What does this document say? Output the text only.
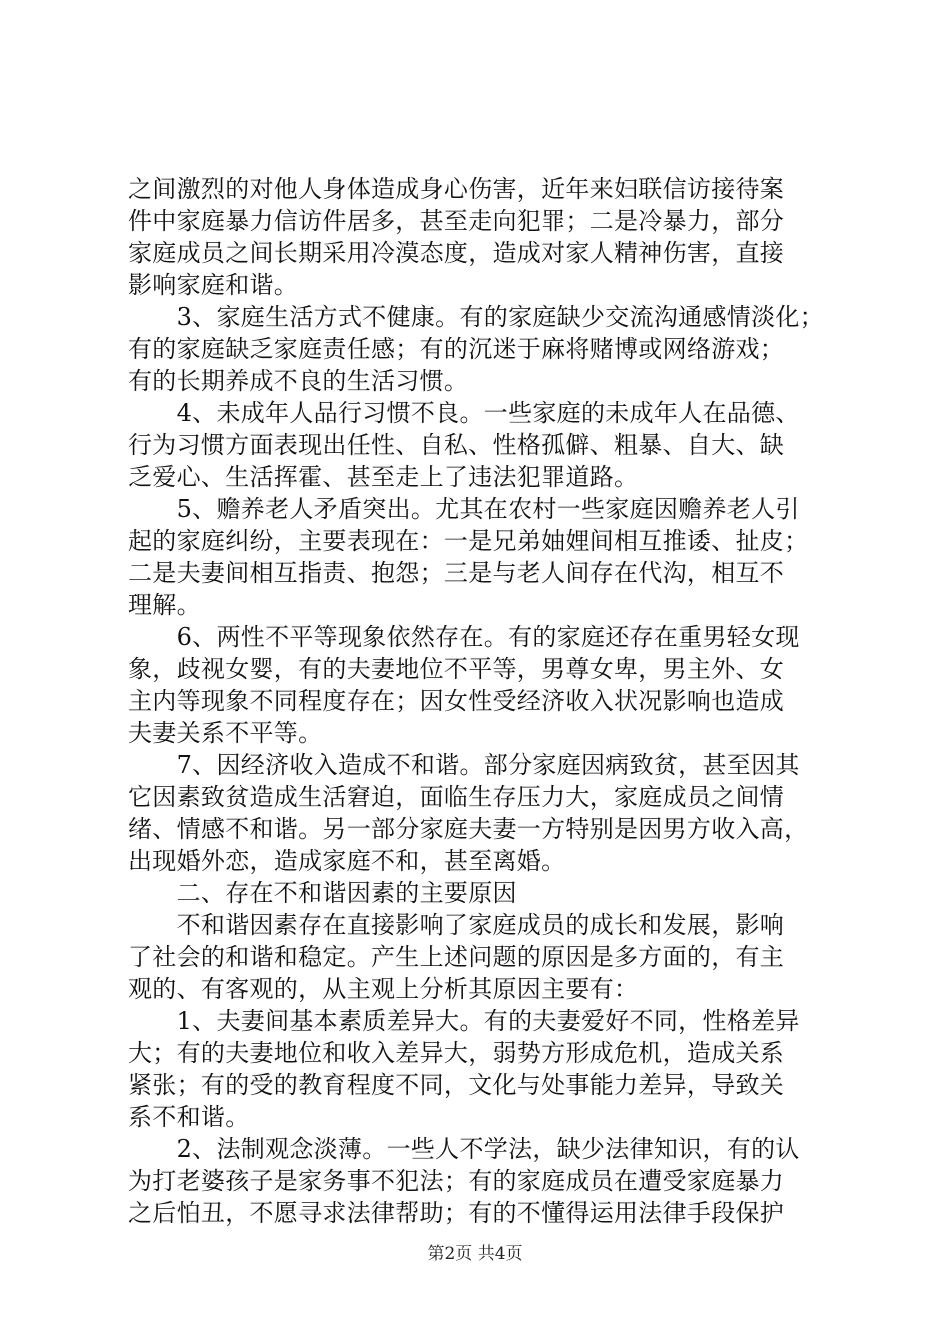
之间激烈的对他人身体造成身心伤害，近年来妇联信访接待案
件中家庭暴力信访件居多，甚至走向犯罪；二是冷暴力，部分
家庭成员之间长期采用冷漠态度，造成对家人精神伤害，直接
影响家庭和谐。
　　3、家庭生活方式不健康。有的家庭缺少交流沟通感情淡化；
有的家庭缺乏家庭责任感；有的沉迷于麻将赌博或网络游戏；
有的长期养成不良的生活习惯。
　　4、未成年人品行习惯不良。一些家庭的未成年人在品德、
行为习惯方面表现出任性、自私、性格孤僻、粗暴、自大、缺
乏爱心、生活挥霍、甚至走上了违法犯罪道路。
　　5、赡养老人矛盾突出。尤其在农村一些家庭因赡养老人引
起的家庭纠纷，主要表现在：一是兄弟妯娌间相互推诿、扯皮；
二是夫妻间相互指责、抱怨；三是与老人间存在代沟，相互不
理解。
　　6、两性不平等现象依然存在。有的家庭还存在重男轻女现
象，歧视女婴，有的夫妻地位不平等，男尊女卑，男主外、女
主内等现象不同程度存在；因女性受经济收入状况影响也造成
夫妻关系不平等。
　　7、因经济收入造成不和谐。部分家庭因病致贫，甚至因其
它因素致贫造成生活窘迫，面临生存压力大，家庭成员之间情
绪、情感不和谐。另一部分家庭夫妻一方特别是因男方收入高，
出现婚外恋，造成家庭不和，甚至离婚。
　　二、存在不和谐因素的主要原因
　　不和谐因素存在直接影响了家庭成员的成长和发展，影响
了社会的和谐和稳定。产生上述问题的原因是多方面的，有主
观的、有客观的，从主观上分析其原因主要有：
　　1、夫妻间基本素质差异大。有的夫妻爱好不同，性格差异
大；有的夫妻地位和收入差异大，弱势方形成危机，造成关系
紧张；有的受的教育程度不同，文化与处事能力差异，导致关
系不和谐。
　　2、法制观念淡薄。一些人不学法，缺少法律知识，有的认
为打老婆孩子是家务事不犯法；有的家庭成员在遭受家庭暴力
之后怕丑，不愿寻求法律帮助；有的不懂得运用法律手段保护
第2页 共4页
